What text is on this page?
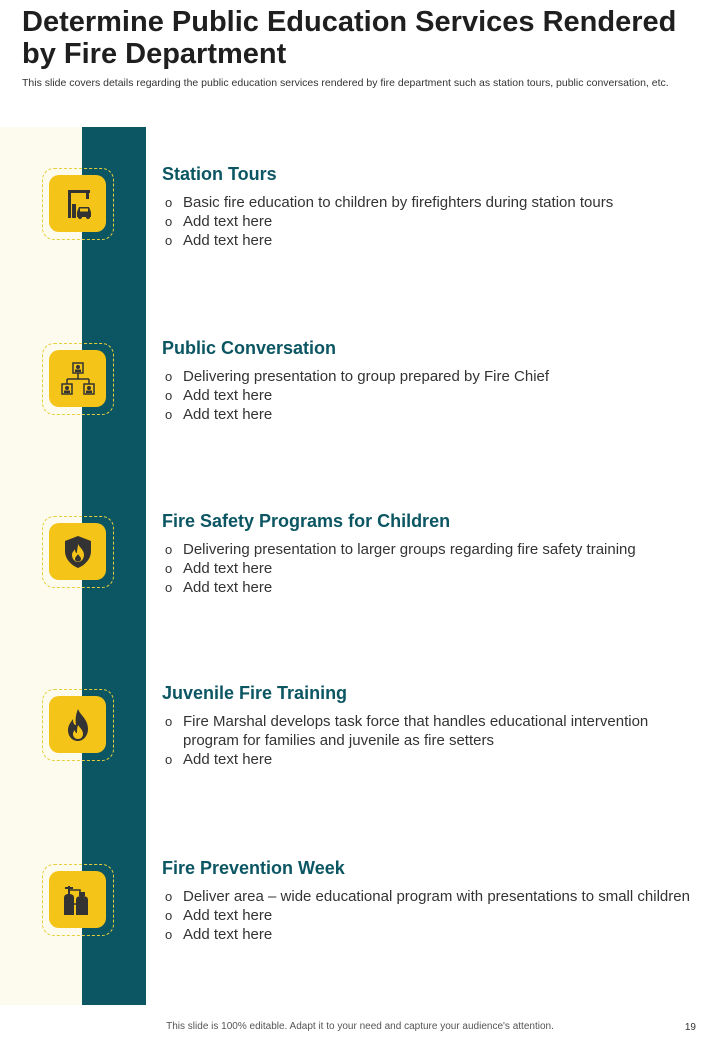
Determine Public Education Services Rendered by Fire Department
This slide covers details regarding the public education services rendered by fire department such as station tours, public conversation, etc.
Station Tours
o Basic fire education to children by firefighters during station tours
o Add text here
o Add text here
Public Conversation
o Delivering presentation to group prepared by Fire Chief
o Add text here
o Add text here
Fire Safety Programs for Children
o Delivering presentation to larger groups regarding fire safety training
o Add text here
o Add text here
Juvenile Fire Training
o Fire Marshal develops task force that handles educational intervention program for families and juvenile as fire setters
o Add text here
Fire Prevention Week
o Deliver area – wide educational program with presentations to small children
o Add text here
o Add text here
This slide is 100% editable. Adapt it to your need and capture your audience's attention.	19
